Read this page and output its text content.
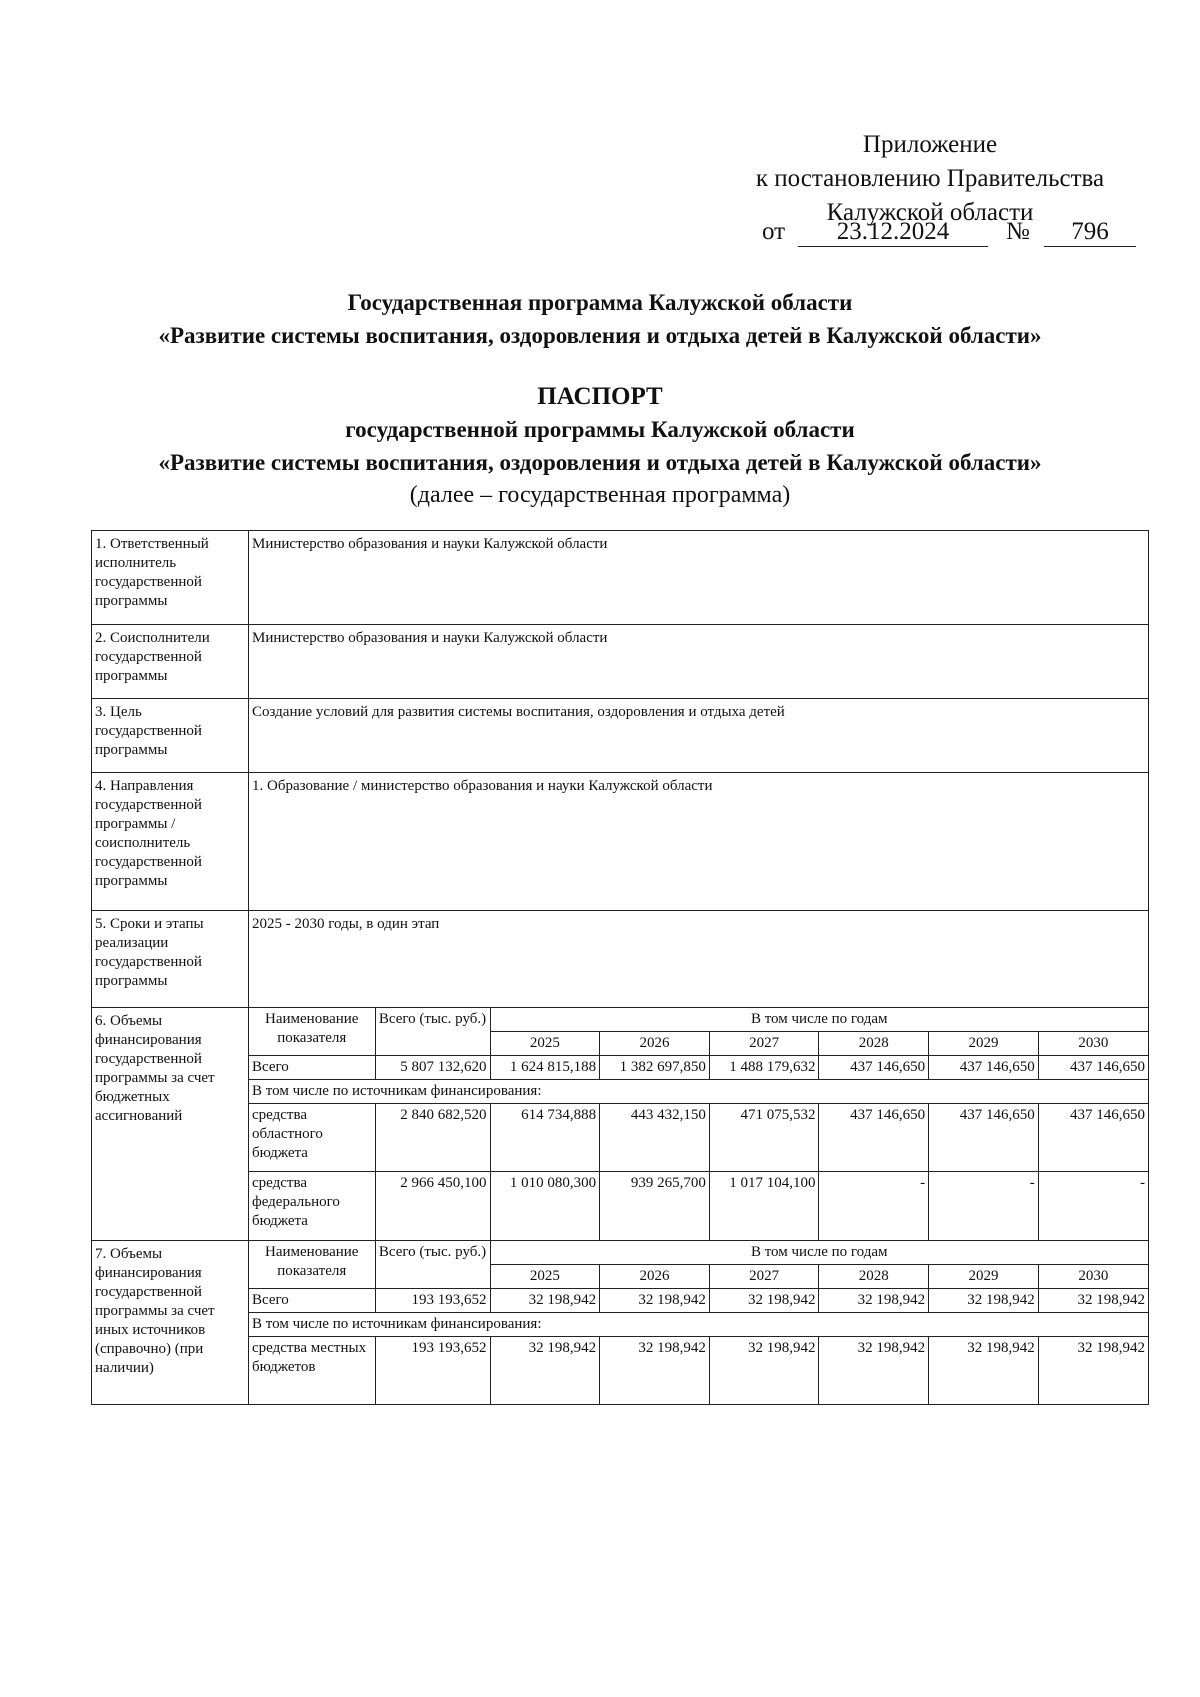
Приложение
к постановлению Правительства
Калужской области
от	23.12.2024	№	796
Государственная программа Калужской области
«Развитие системы воспитания, оздоровления и отдыха детей в Калужской области»
ПАСПОРТ
государственной программы Калужской области
«Развитие системы воспитания, оздоровления и отдыха детей в Калужской области»
(далее – государственная программа)
1. Ответственный исполнитель государственной программы	Министерство образования и науки Калужской области
2. Соисполнители государственной программы	Министерство образования и науки Калужской области
3. Цель государственной программы	Создание условий для развития системы воспитания, оздоровления и отдыха детей
4. Направления государственной программы / соисполнитель государственной программы	1. Образование / министерство образования и науки Калужской области
5. Сроки и этапы реализации государственной программы	2025 - 2030 годы, в один этап
6. Объемы финансирования государственной программы за счет бюджетных ассигнований	
Наименование показателя	Всего (тыс. руб.)	В том числе по годам
2025	2026	2027	2028	2029	2030
Всего	5 807 132,620	1 624 815,188	1 382 697,850	1 488 179,632	437 146,650	437 146,650	437 146,650
В том числе по источникам финансирования:
средства областного бюджета	2 840 682,520	614 734,888	443 432,150	471 075,532	437 146,650	437 146,650	437 146,650
средства федерального бюджета	2 966 450,100	1 010 080,300	939 265,700	1 017 104,100	-	-	-

7. Объемы финансирования государственной программы за счет иных источников (справочно) (при наличии)	
Наименование показателя	Всего (тыс. руб.)	В том числе по годам
2025	2026	2027	2028	2029	2030
Всего	193 193,652	32 198,942	32 198,942	32 198,942	32 198,942	32 198,942	32 198,942
В том числе по источникам финансирования:
средства местных бюджетов	193 193,652	32 198,942	32 198,942	32 198,942	32 198,942	32 198,942	32 198,942
